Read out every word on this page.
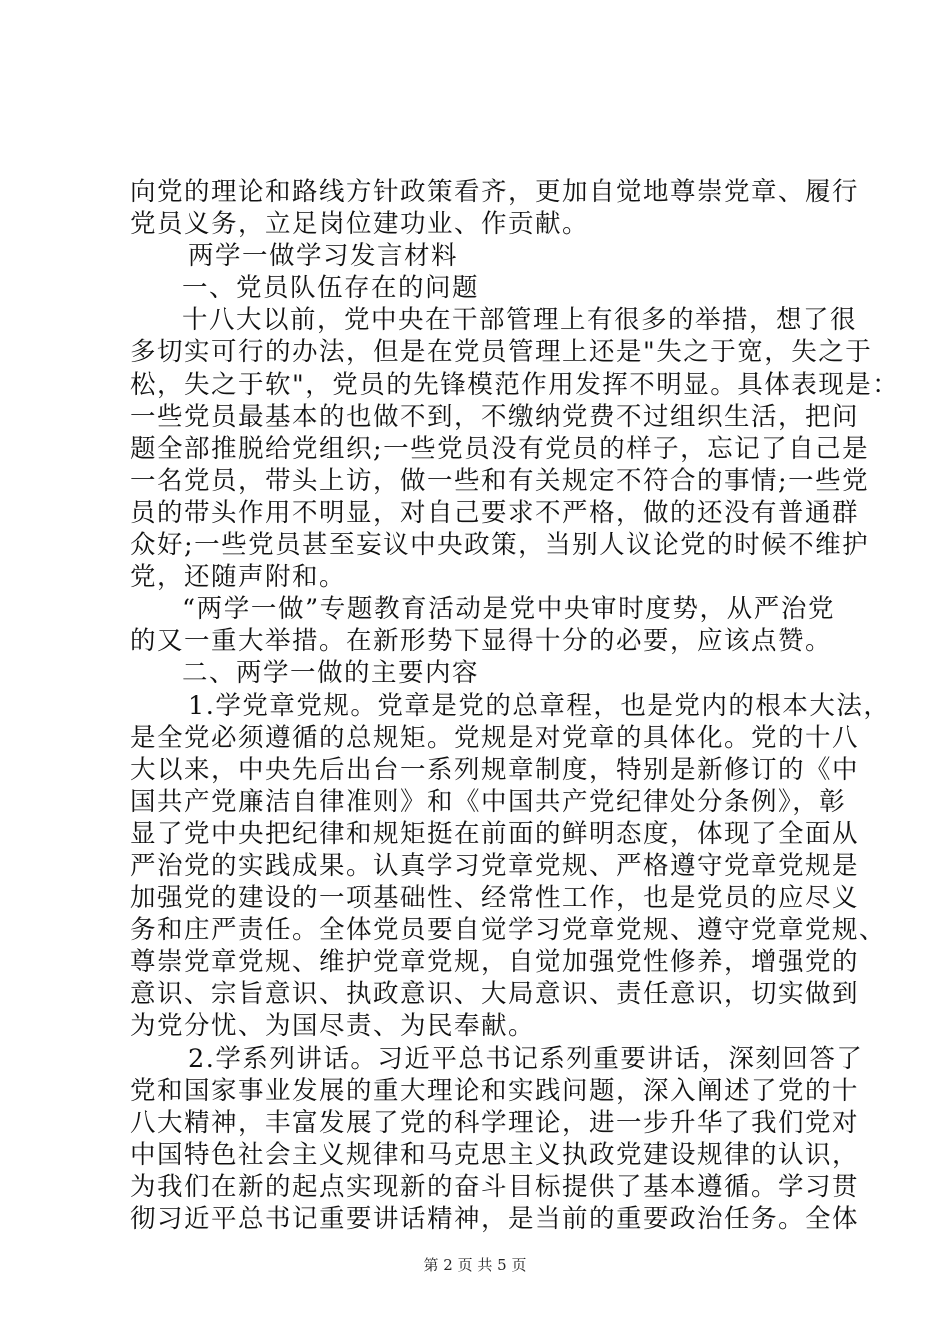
向党的理论和路线方针政策看齐，更加自觉地尊崇党章、履行
党员义务，立足岗位建功业、作贡献。
两学一做学习发言材料
一、党员队伍存在的问题
十八大以前，党中央在干部管理上有很多的举措，想了很
多切实可行的办法，但是在党员管理上还是"失之于宽，失之于
松，失之于软"，党员的先锋模范作用发挥不明显。具体表现是：
一些党员最基本的也做不到，不缴纳党费不过组织生活，把问
题全部推脱给党组织;一些党员没有党员的样子，忘记了自己是
一名党员，带头上访，做一些和有关规定不符合的事情;一些党
员的带头作用不明显，对自己要求不严格，做的还没有普通群
众好;一些党员甚至妄议中央政策，当别人议论党的时候不维护
党，还随声附和。
“两学一做”专题教育活动是党中央审时度势，从严治党
的又一重大举措。在新形势下显得十分的必要，应该点赞。
二、两学一做的主要内容
1.学党章党规。党章是党的总章程，也是党内的根本大法，
是全党必须遵循的总规矩。党规是对党章的具体化。党的十八
大以来，中央先后出台一系列规章制度，特别是新修订的《中
国共产党廉洁自律准则》和《中国共产党纪律处分条例》，彰
显了党中央把纪律和规矩挺在前面的鲜明态度，体现了全面从
严治党的实践成果。认真学习党章党规、严格遵守党章党规是
加强党的建设的一项基础性、经常性工作，也是党员的应尽义
务和庄严责任。全体党员要自觉学习党章党规、遵守党章党规、
尊崇党章党规、维护党章党规，自觉加强党性修养，增强党的
意识、宗旨意识、执政意识、大局意识、责任意识，切实做到
为党分忧、为国尽责、为民奉献。
2.学系列讲话。习近平总书记系列重要讲话，深刻回答了
党和国家事业发展的重大理论和实践问题，深入阐述了党的十
八大精神，丰富发展了党的科学理论，进一步升华了我们党对
中国特色社会主义规律和马克思主义执政党建设规律的认识，
为我们在新的起点实现新的奋斗目标提供了基本遵循。学习贯
彻习近平总书记重要讲话精神，是当前的重要政治任务。全体
第 2 页 共 5 页
